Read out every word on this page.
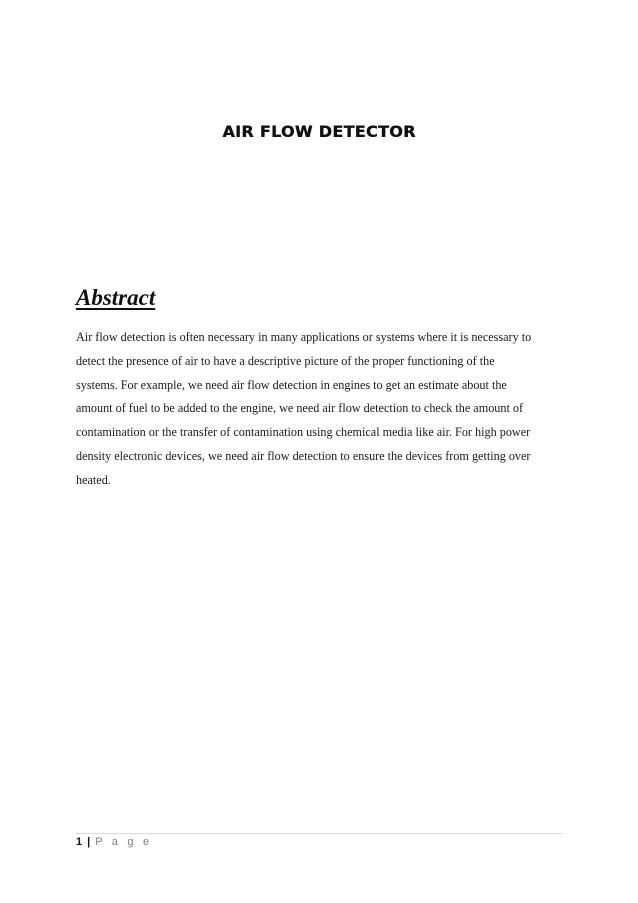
AIR FLOW DETECTOR
Abstract
Air flow detection is often necessary in many applications or systems where it is necessary to
detect the presence of air to have a descriptive picture of the proper functioning of the
systems. For example, we need air flow detection in engines to get an estimate about the
amount of fuel to be added to the engine, we need air flow detection to check the amount of
contamination or the transfer of contamination using chemical media like air. For high power
density electronic devices, we need air flow detection to ensure the devices from getting over
heated.
1 | P a g e
